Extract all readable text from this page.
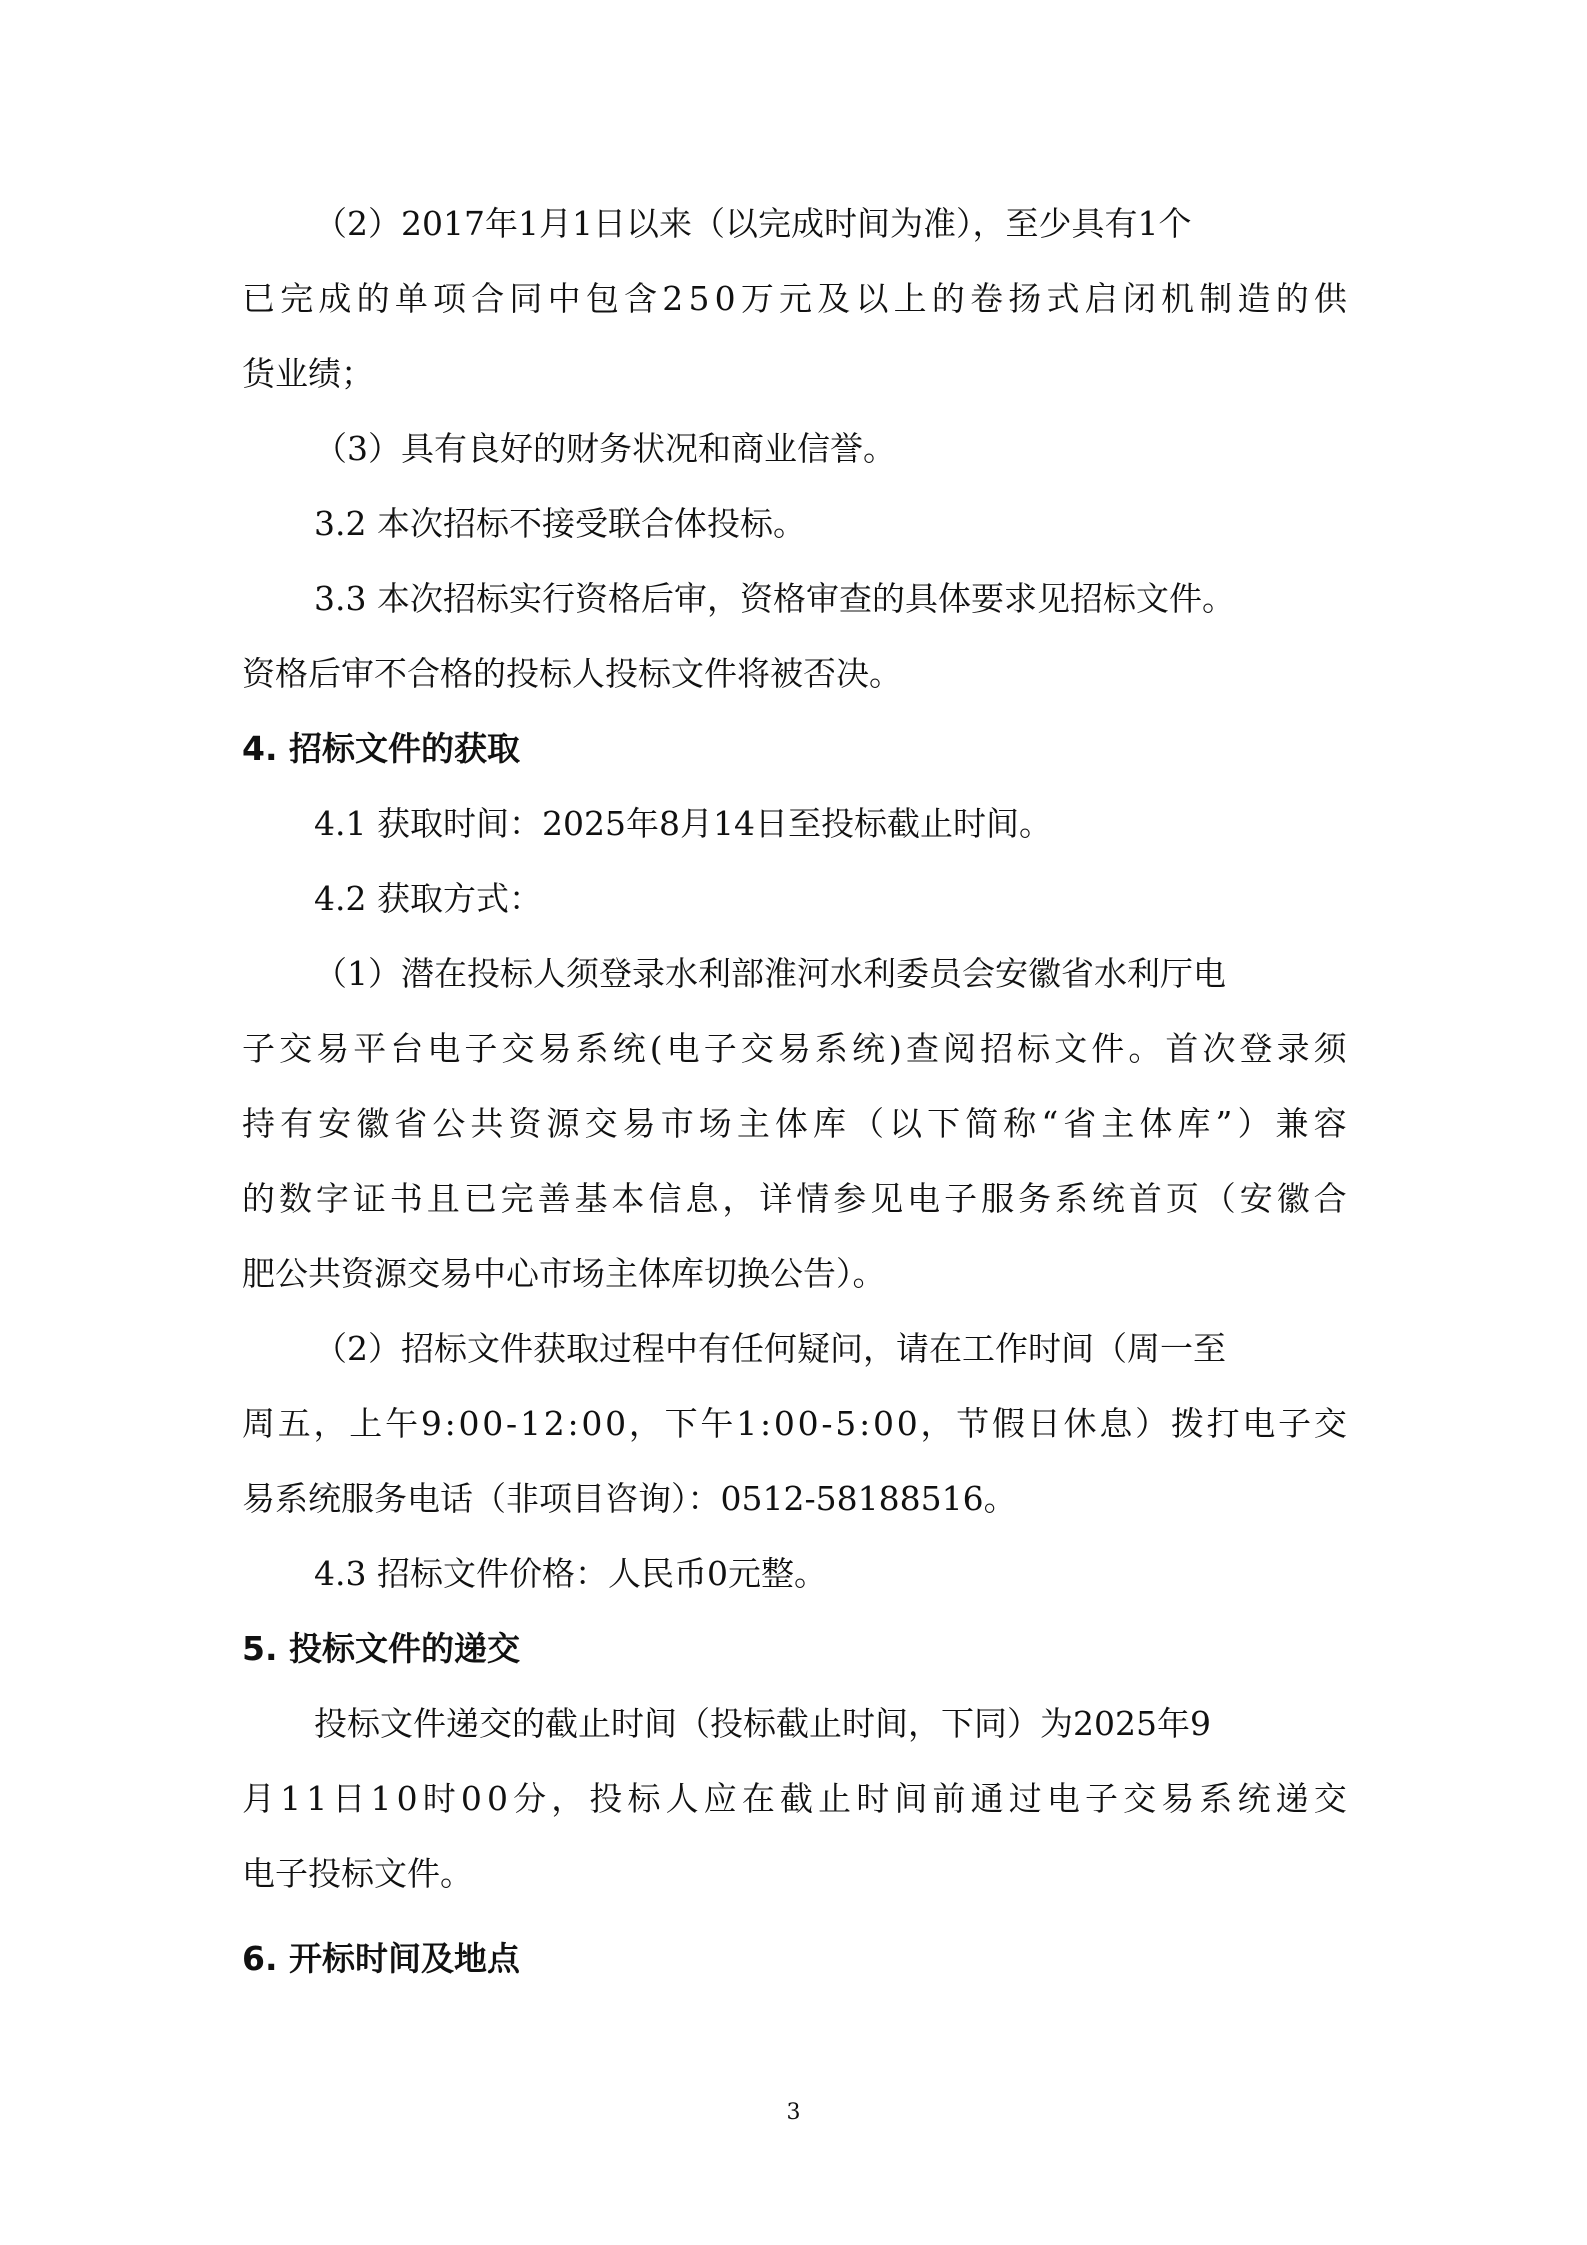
（2）2017年1月1日以来（以完成时间为准），至少具有1个
已 完 成 的 单 项 合 同 中 包 含 2 5 0 万 元 及 以 上 的 卷 扬 式 启 闭 机 制 造 的 供
货业绩；
（3）具有良好的财务状况和商业信誉。
3.2 本次招标不接受联合体投标。
3.3 本次招标实行资格后审，资格审查的具体要求见招标文件。
资格后审不合格的投标人投标文件将被否决。
4. 招标文件的获取
4.1 获取时间：2025年8月14日至投标截止时间。
4.2 获取方式：
（1）潜在投标人须登录水利部淮河水利委员会安徽省水利厅电
子 交 易 平 台 电 子 交 易 系 统 ( 电 子 交 易 系 统 ) 查 阅 招 标 文 件 。 首 次 登 录 须
持 有 安 徽 省 公 共 资 源 交 易 市 场 主 体 库 （ 以 下 简 称 “ 省 主 体 库 ” ） 兼 容
的 数 字 证 书 且 已 完 善 基 本 信 息 ， 详 情 参 见 电 子 服 务 系 统 首 页 （ 安 徽 合
肥公共资源交易中心市场主体库切换公告）。
（2）招标文件获取过程中有任何疑问，请在工作时间（周一至
周 五 ， 上 午 9 : 0 0 - 1 2 : 0 0 ， 下 午 1 : 0 0 - 5 : 0 0 ， 节 假 日 休 息 ） 拨 打 电 子 交
易系统服务电话（非项目咨询）：0512-58188516。
4.3 招标文件价格：人民币0元整。
5. 投标文件的递交
投标文件递交的截止时间（投标截止时间，下同）为2025年9
月 1 1 日 1 0 时 0 0 分 ， 投 标 人 应 在 截 止 时 间 前 通 过 电 子 交 易 系 统 递 交
电子投标文件。
6. 开标时间及地点
3
